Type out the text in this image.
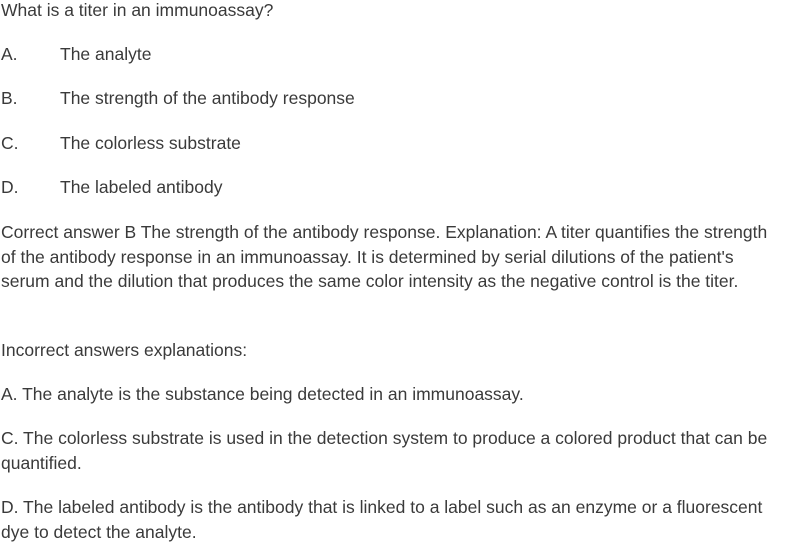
What is a titer in an immunoassay?

A. The analyte

B. The strength of the antibody response

C. The colorless substrate

D. The labeled antibody

Correct answer B The strength of the antibody response. Explanation: A titer quantifies the strength of the antibody response in an immunoassay. It is determined by serial dilutions of the patient's serum and the dilution that produces the same color intensity as the negative control is the titer.

Incorrect answers explanations:

A. The analyte is the substance being detected in an immunoassay.

C. The colorless substrate is used in the detection system to produce a colored product that can be quantified.

D. The labeled antibody is the antibody that is linked to a label such as an enzyme or a fluorescent dye to detect the analyte.
